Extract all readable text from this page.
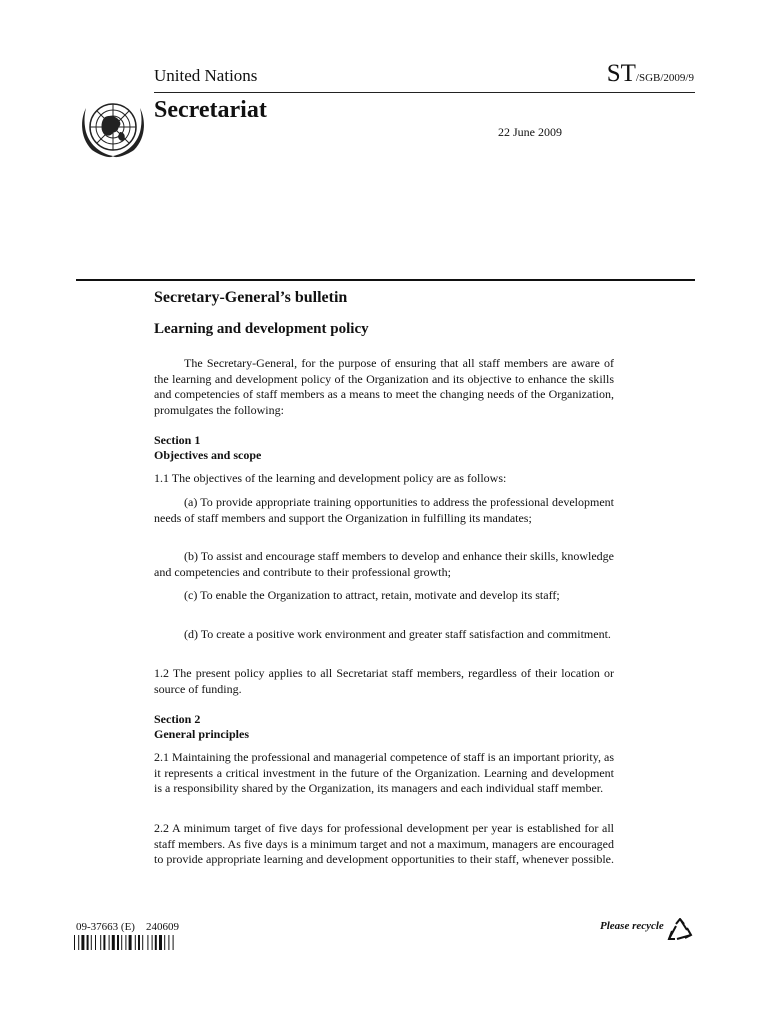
United Nations	ST/SGB/2009/9
Secretariat
22 June 2009
Secretary-General’s bulletin
Learning and development policy

The Secretary-General, for the purpose of ensuring that all staff members are aware of the learning and development policy of the Organization and its objective to enhance the skills and competencies of staff members as a means to meet the changing needs of the Organization, promulgates the following:

Section 1
Objectives and scope

1.1 The objectives of the learning and development policy are as follows:

(a) To provide appropriate training opportunities to address the professional development needs of staff members and support the Organization in fulfilling its mandates;

(b) To assist and encourage staff members to develop and enhance their skills, knowledge and competencies and contribute to their professional growth;

(c) To enable the Organization to attract, retain, motivate and develop its staff;

(d) To create a positive work environment and greater staff satisfaction and commitment.

1.2 The present policy applies to all Secretariat staff members, regardless of their location or source of funding.

Section 2
General principles

2.1 Maintaining the professional and managerial competence of staff is an important priority, as it represents a critical investment in the future of the Organization. Learning and development is a responsibility shared by the Organization, its managers and each individual staff member.

2.2 A minimum target of five days for professional development per year is established for all staff members. As five days is a minimum target and not a maximum, managers are encouraged to provide appropriate learning and development opportunities to their staff, whenever possible.

09-37663 (E)    240609	Please recycle
